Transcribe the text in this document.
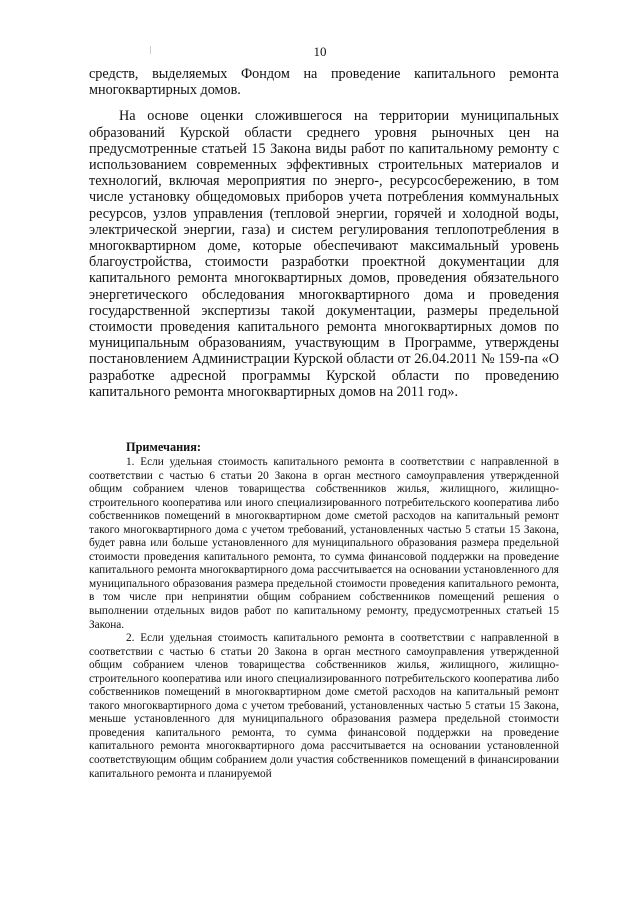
10

средств, выделяемых Фондом на проведение капитального ремонта многоквартирных домов.

На основе оценки сложившегося на территории муниципальных образований Курской области среднего уровня рыночных цен на предусмотренные статьей 15 Закона виды работ по капитальному ремонту с использованием современных эффективных строительных материалов и технологий, включая мероприятия по энерго-, ресурсосбережению, в том числе установку общедомовых приборов учета потребления коммунальных ресурсов, узлов управления (тепловой энергии, горячей и холодной воды, электрической энергии, газа) и систем регулирования теплопотребления в многоквартирном доме, которые обеспечивают максимальный уровень благоустройства, стоимости разработки проектной документации для капитального ремонта многоквартирных домов, проведения обязательного энергетического обследования многоквартирного дома и проведения государственной экспертизы такой документации, размеры предельной стоимости проведения капитального ремонта многоквартирных домов по муниципальным образованиям, участвующим в Программе, утверждены постановлением Администрации Курской области от 26.04.2011 № 159-па «О разработке адресной программы Курской области по проведению капитального ремонта многоквартирных домов на 2011 год».

Примечания:

1. Если удельная стоимость капитального ремонта в соответствии с направленной в соответствии с частью 6 статьи 20 Закона в орган местного самоуправления утвержденной общим собранием членов товарищества собственников жилья, жилищного, жилищно-строительного кооператива или иного специализированного потребительского кооператива либо собственников помещений в многоквартирном доме сметой расходов на капитальный ремонт такого многоквартирного дома с учетом требований, установленных частью 5 статьи 15 Закона, будет равна или больше установленного для муниципального образования размера предельной стоимости проведения капитального ремонта, то сумма финансовой поддержки на проведение капитального ремонта многоквартирного дома рассчитывается на основании установленного для муниципального образования размера предельной стоимости проведения капитального ремонта, в том числе при непринятии общим собранием собственников помещений решения о выполнении отдельных видов работ по капитальному ремонту, предусмотренных статьей 15 Закона.

2. Если удельная стоимость капитального ремонта в соответствии с направленной в соответствии с частью 6 статьи 20 Закона в орган местного самоуправления утвержденной общим собранием членов товарищества собственников жилья, жилищного, жилищно-строительного кооператива или иного специализированного потребительского кооператива либо собственников помещений в многоквартирном доме сметой расходов на капитальный ремонт такого многоквартирного дома с учетом требований, установленных частью 5 статьи 15 Закона, меньше установленного для муниципального образования размера предельной стоимости проведения капитального ремонта, то сумма финансовой поддержки на проведение капитального ремонта многоквартирного дома рассчитывается на основании установленной соответствующим общим собранием доли участия собственников помещений в финансировании капитального ремонта и планируемой
